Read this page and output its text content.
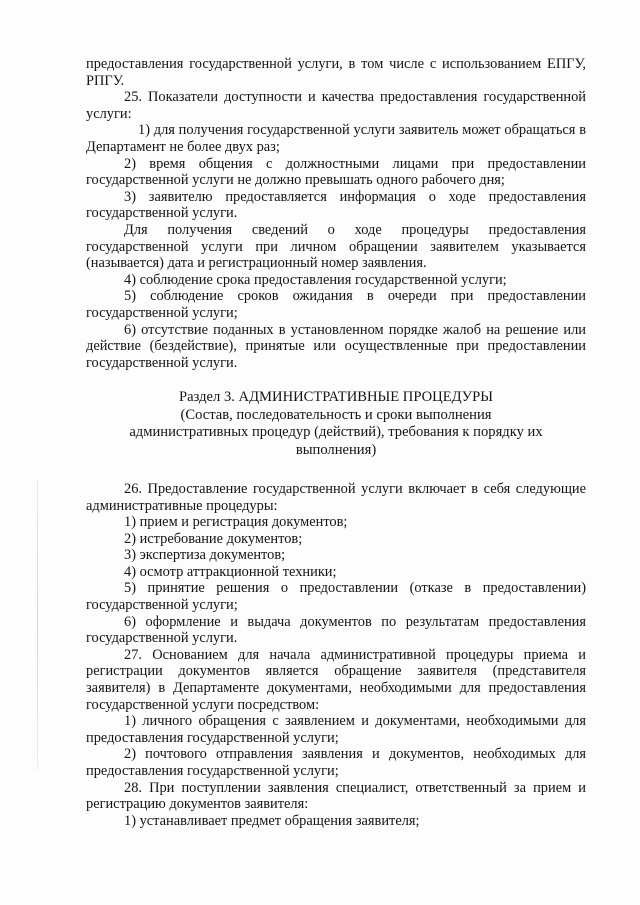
предоставления государственной услуги, в том числе с использованием ЕПГУ, РПГУ.

25. Показатели доступности и качества предоставления государственной услуги:

1) для получения государственной услуги заявитель может обращаться в Департамент не более двух раз;

2) время общения с должностными лицами при предоставлении государственной услуги не должно превышать одного рабочего дня;

3) заявителю предоставляется информация о ходе предоставления государственной услуги.

Для получения сведений о ходе процедуры предоставления государственной услуги при личном обращении заявителем указывается (называется) дата и регистрационный номер заявления.

4) соблюдение срока предоставления государственной услуги;

5) соблюдение сроков ожидания в очереди при предоставлении государственной услуги;

6) отсутствие поданных в установленном порядке жалоб на решение или действие (бездействие), принятые или осуществленные при предоставлении государственной услуги.

Раздел 3. АДМИНИСТРАТИВНЫЕ ПРОЦЕДУРЫ

(Состав, последовательность и сроки выполнения

административных процедур (действий), требования к порядку их

выполнения)

26. Предоставление государственной услуги включает в себя следующие административные процедуры:

1) прием и регистрация документов;

2) истребование документов;

3) экспертиза документов;

4) осмотр аттракционной техники;

5) принятие решения о предоставлении (отказе в предоставлении) государственной услуги;

6) оформление и выдача документов по результатам предоставления государственной услуги.

27. Основанием для начала административной процедуры приема и регистрации документов является обращение заявителя (представителя заявителя) в Департаменте документами, необходимыми для предоставления государственной услуги посредством:

1) личного обращения с заявлением и документами, необходимыми для предоставления государственной услуги;

2) почтового отправления заявления и документов, необходимых для предоставления государственной услуги;

28. При поступлении заявления специалист, ответственный за прием и регистрацию документов заявителя:

1) устанавливает предмет обращения заявителя;
